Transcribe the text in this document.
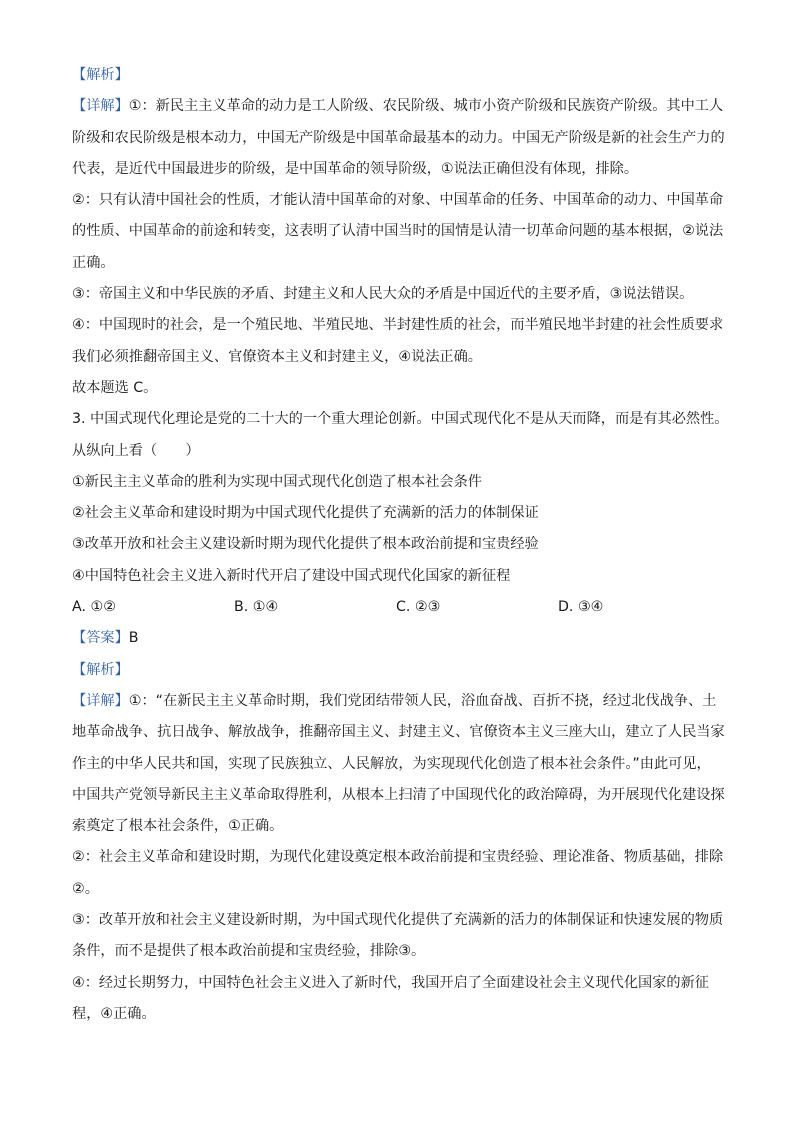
【解析】

【详解】①：新民主主义革命的动力是工人阶级、农民阶级、城市小资产阶级和民族资产阶级。其中工人

阶级和农民阶级是根本动力，中国无产阶级是中国革命最基本的动力。中国无产阶级是新的社会生产力的

代表，是近代中国最进步的阶级，是中国革命的领导阶级，①说法正确但没有体现，排除。

②：只有认清中国社会的性质，才能认清中国革命的对象、中国革命的任务、中国革命的动力、中国革命

的性质、中国革命的前途和转变，这表明了认清中国当时的国情是认清一切革命问题的基本根据，②说法

正确。

③：帝国主义和中华民族的矛盾、封建主义和人民大众的矛盾是中国近代的主要矛盾，③说法错误。

④：中国现时的社会，是一个殖民地、半殖民地、半封建性质的社会，而半殖民地半封建的社会性质要求

我们必须推翻帝国主义、官僚资本主义和封建主义，④说法正确。

故本题选 C。

3. 中国式现代化理论是党的二十大的一个重大理论创新。中国式现代化不是从天而降，而是有其必然性。

从纵向上看（　　）

①新民主主义革命的胜利为实现中国式现代化创造了根本社会条件

②社会主义革命和建设时期为中国式现代化提供了充满新的活力的体制保证

③改革开放和社会主义建设新时期为现代化提供了根本政治前提和宝贵经验

④中国特色社会主义进入新时代开启了建设中国式现代化国家的新征程

A. ①②	B. ①④	C. ②③	D. ③④

【答案】B

【解析】

【详解】①：“在新民主主义革命时期，我们党团结带领人民，浴血奋战、百折不挠，经过北伐战争、土

地革命战争、抗日战争、解放战争，推翻帝国主义、封建主义、官僚资本主义三座大山，建立了人民当家

作主的中华人民共和国，实现了民族独立、人民解放，为实现现代化创造了根本社会条件。”由此可见，

中国共产党领导新民主主义革命取得胜利，从根本上扫清了中国现代化的政治障碍，为开展现代化建设探

索奠定了根本社会条件，①正确。

②：社会主义革命和建设时期，为现代化建设奠定根本政治前提和宝贵经验、理论准备、物质基础，排除

②。

③：改革开放和社会主义建设新时期，为中国式现代化提供了充满新的活力的体制保证和快速发展的物质

条件，而不是提供了根本政治前提和宝贵经验，排除③。

④：经过长期努力，中国特色社会主义进入了新时代，我国开启了全面建设社会主义现代化国家的新征

程，④正确。
